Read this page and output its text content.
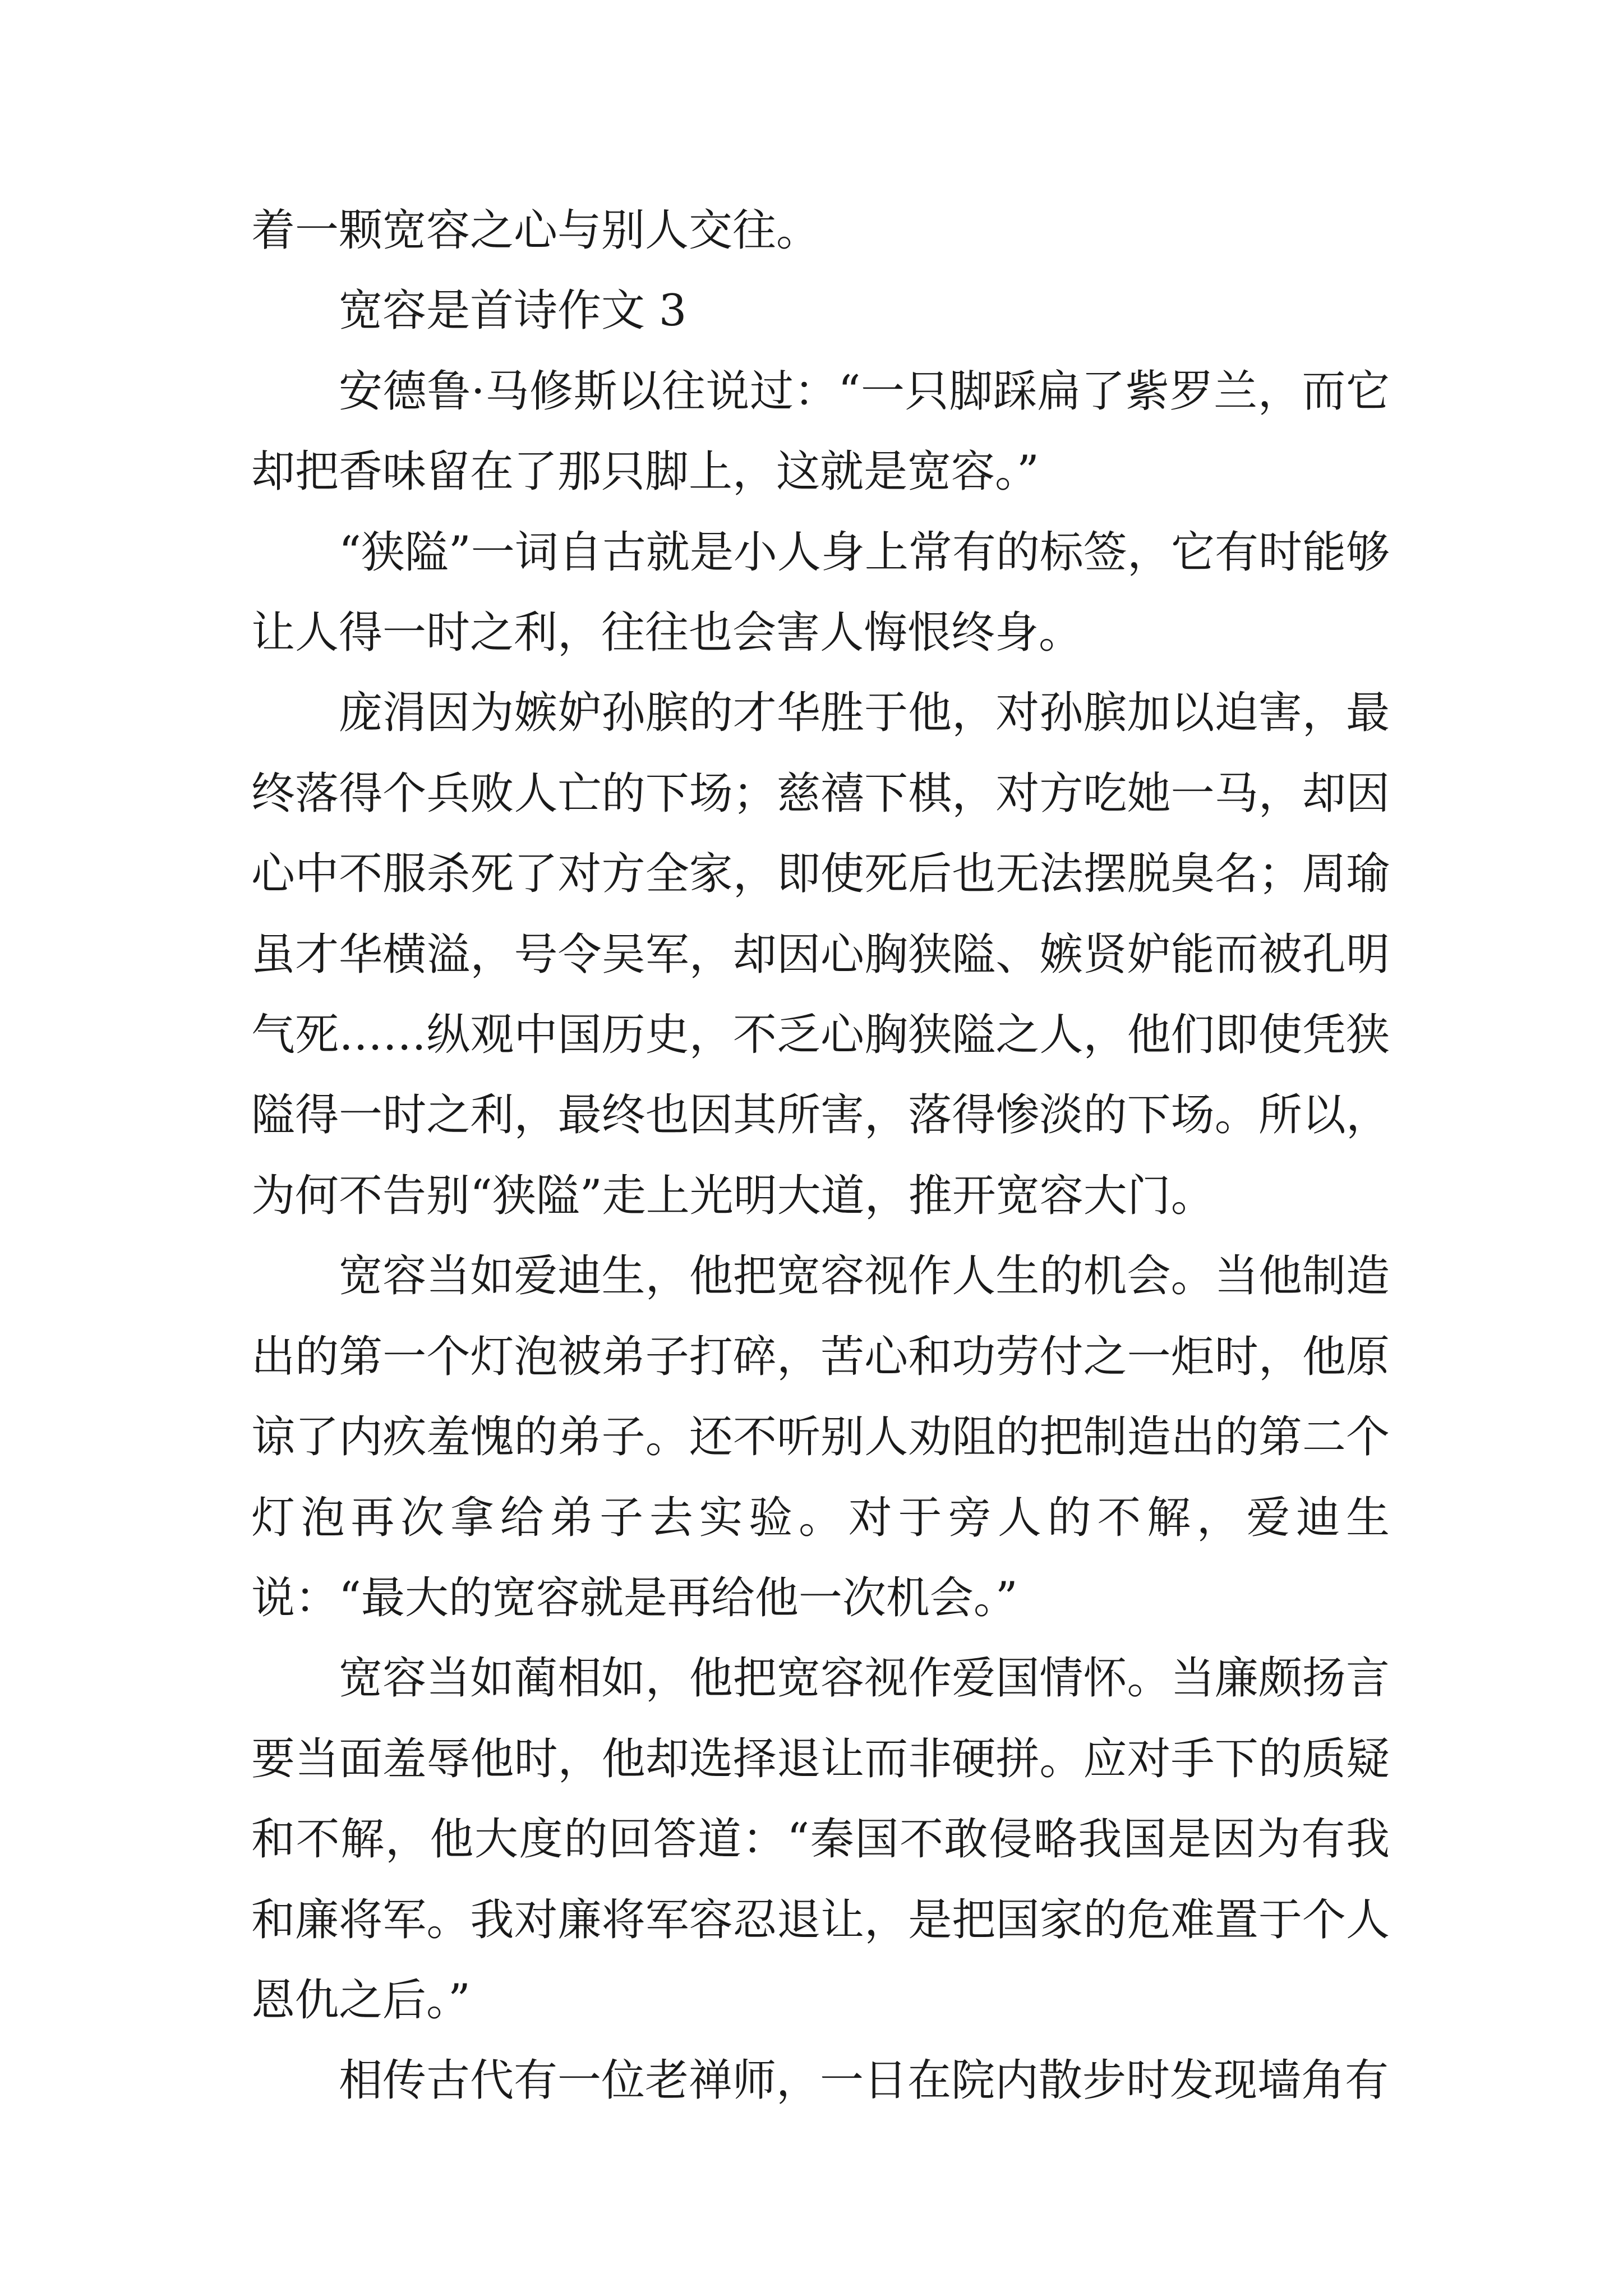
着一颗宽容之心与别人交往。

宽容是首诗作文 3

安德鲁·马修斯以往说过：“一只脚踩扁了紫罗兰，而它却把香味留在了那只脚上，这就是宽容。”

“狭隘”一词自古就是小人身上常有的标签，它有时能够让人得一时之利，往往也会害人悔恨终身。

庞涓因为嫉妒孙膑的才华胜于他，对孙膑加以迫害，最终落得个兵败人亡的下场；慈禧下棋，对方吃她一马，却因心中不服杀死了对方全家，即使死后也无法摆脱臭名；周瑜虽才华横溢，号令吴军，却因心胸狭隘、嫉贤妒能而被孔明气死……纵观中国历史，不乏心胸狭隘之人，他们即使凭狭隘得一时之利，最终也因其所害，落得惨淡的下场。所以，为何不告别“狭隘”走上光明大道，推开宽容大门。

宽容当如爱迪生，他把宽容视作人生的机会。当他制造出的第一个灯泡被弟子打碎，苦心和功劳付之一炬时，他原谅了内疚羞愧的弟子。还不听别人劝阻的把制造出的第二个灯泡再次拿给弟子去实验。对于旁人的不解，爱迪生说：“最大的宽容就是再给他一次机会。”

宽容当如蔺相如，他把宽容视作爱国情怀。当廉颇扬言要当面羞辱他时，他却选择退让而非硬拼。应对手下的质疑和不解，他大度的回答道：“秦国不敢侵略我国是因为有我和廉将军。我对廉将军容忍退让，是把国家的危难置于个人恩仇之后。”

相传古代有一位老禅师，一日在院内散步时发现墙角有
